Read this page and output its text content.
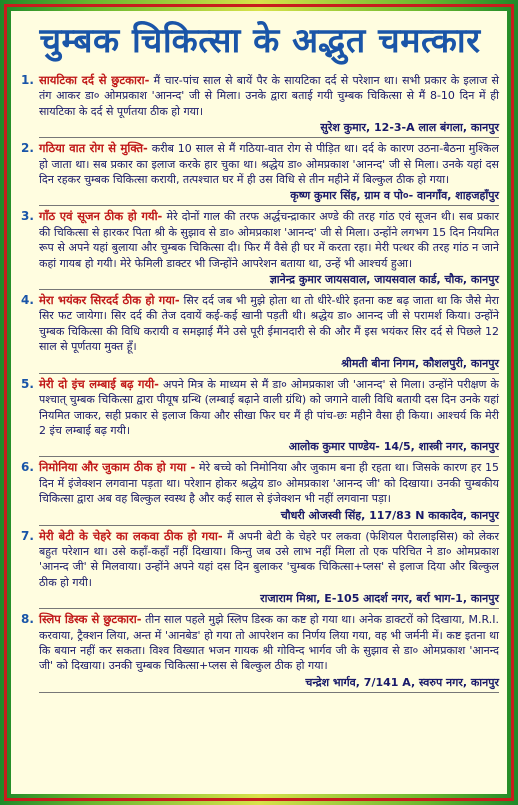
चुम्बक चिकित्सा के अद्भुत चमत्कार
1. सायटिका दर्द से छुटकारा- मैं चार-पांच साल से बायें पैर के सायटिका दर्द से परेशान था। सभी प्रकार के इलाज से तंग आकर डा० ओमप्रकाश 'आनन्द' जी से मिला। उनके द्वारा बताई गयी चुम्बक चिकित्सा से मैं 8-10 दिन में ही सायटिका के दर्द से पूर्णतया ठीक हो गया।
सुरेश कुमार, 12-3-A लाल बंगला, कानपुर
2. गठिया वात रोग से मुक्ति- करीब 10 साल से मैं गठिया-वात रोग से पीड़ित था। दर्द के कारण उठना-बैठना मुश्किल हो जाता था। सब प्रकार का इलाज करके हार चुका था। श्रद्धेय डा० ओमप्रकाश 'आनन्द' जी से मिला। उनके यहां दस दिन रहकर चुम्बक चिकित्सा करायी, तत्पश्चात घर में ही उस विधि से तीन महीने में बिल्कुल ठीक हो गया।
कृष्ण कुमार सिंह, ग्राम व पो०- वानगाँव, शाहजहाँपुर
3. गाँठ एवं सूजन ठीक हो गयी- मेरे दोनों गाल की तरफ अर्द्धचन्द्राकार अण्डे की तरह गांठ एवं सूजन थी। सब प्रकार की चिकित्सा से हारकर पिता श्री के सुझाव से डा० ओमप्रकाश 'आनन्द' जी से मिला। उन्होंने लगभग 15 दिन नियमित रूप से अपने यहां बुलाया और चुम्बक चिकित्सा दी। फिर मैं वैसे ही घर में करता रहा। मेरी पत्थर की तरह गांठ न जाने कहां गायब हो गयी। मेरे फेमिली डाक्टर भी जिन्होंने आपरेशन बताया था, उन्हें भी आश्चर्य हुआ।
ज्ञानेन्द्र कुमार जायसवाल, जायसवाल कार्ड, चौक, कानपुर
4. मेरा भयंकर सिरदर्द ठीक हो गया- सिर दर्द जब भी मुझे होता था तो धीरे-धीरे इतना कष्ट बढ़ जाता था कि जैसे मेरा सिर फट जायेगा। सिर दर्द की तेज दवायें कई-कई खानी पड़ती थी। श्रद्धेय डा० आनन्द जी से परामर्श किया। उन्होंने चुम्बक चिकित्सा की विधि करायी व समझाई मैंने उसे पूरी ईमानदारी से की और मैं इस भयंकर सिर दर्द से पिछले 12 साल से पूर्णतया मुक्त हूँ।
श्रीमती बीना निगम, कौशलपुरी, कानपुर
5. मेरी दो इंच लम्बाई बढ़ गयी- अपने मित्र के माध्यम से मैं डा० ओमप्रकाश जी 'आनन्द' से मिला। उन्होंने परीक्षण के पश्चात् चुम्बक चिकित्सा द्वारा पीयूष ग्रन्थि (लम्बाई बढ़ाने वाली ग्रंथि) को जगाने वाली विधि बतायी दस दिन उनके यहां नियमित जाकर, सही प्रकार से इलाज किया और सीखा फिर घर मैं ही पांच-छः महीने वैसा ही किया। आश्चर्य कि मेरी 2 इंच लम्बाई बढ़ गयी।
आलोक कुमार पाण्डेय- 14/5, शास्त्री नगर, कानपुर
6. निमोनिया और जुकाम ठीक हो गया - मेरे बच्चे को निमोनिया और जुकाम बना ही रहता था। जिसके कारण हर 15 दिन में इंजेक्शन लगवाना पड़ता था। परेशान होकर श्रद्धेय डा० ओमप्रकाश 'आनन्द जी' को दिखाया। उनकी चुम्बकीय चिकित्सा द्वारा अब वह बिल्कुल स्वस्थ है और कई साल से इंजेक्शन भी नहीं लगवाना पड़ा।
चौधरी ओजस्वी सिंह, 117/83 N काकादेव, कानपुर
7. मेरी बेटी के चेहरे का लकवा ठीक हो गया- मैं अपनी बेटी के चेहरे पर लकवा (फेशियल पैरालाइसिस) को लेकर बहुत परेशान था। उसे कहाँ-कहाँ नहीं दिखाया। किन्तु जब उसे लाभ नहीं मिला तो एक परिचित ने डा० ओमप्रकाश 'आनन्द जी' से मिलवाया। उन्होंने अपने यहां दस दिन बुलाकर 'चुम्बक चिकित्सा+प्लस' से इलाज दिया और बिल्कुल ठीक हो गयी।
राजाराम मिश्रा, E-105 आदर्श नगर, बर्रा भाग-1, कानपुर
8. स्लिप डिस्क से छुटकारा- तीन साल पहले मुझे स्लिप डिस्क का कष्ट हो गया था। अनेक डाक्टरों को दिखाया, M.R.I. करवाया, ट्रैक्शन लिया, अन्त में 'आनबेड' हो गया तो आपरेशन का निर्णय लिया गया, वह भी जर्मनी में। कष्ट इतना था कि बयान नहीं कर सकता। विश्व विख्यात भजन गायक श्री गोविन्द भार्गव जी के सुझाव से डा० ओमप्रकाश 'आनन्द जी' को दिखाया। उनकी चुम्बक चिकित्सा+प्लस से बिल्कुल ठीक हो गया।
चन्द्रेश भार्गव, 7/141 A, स्वरुप नगर, कानपुर
